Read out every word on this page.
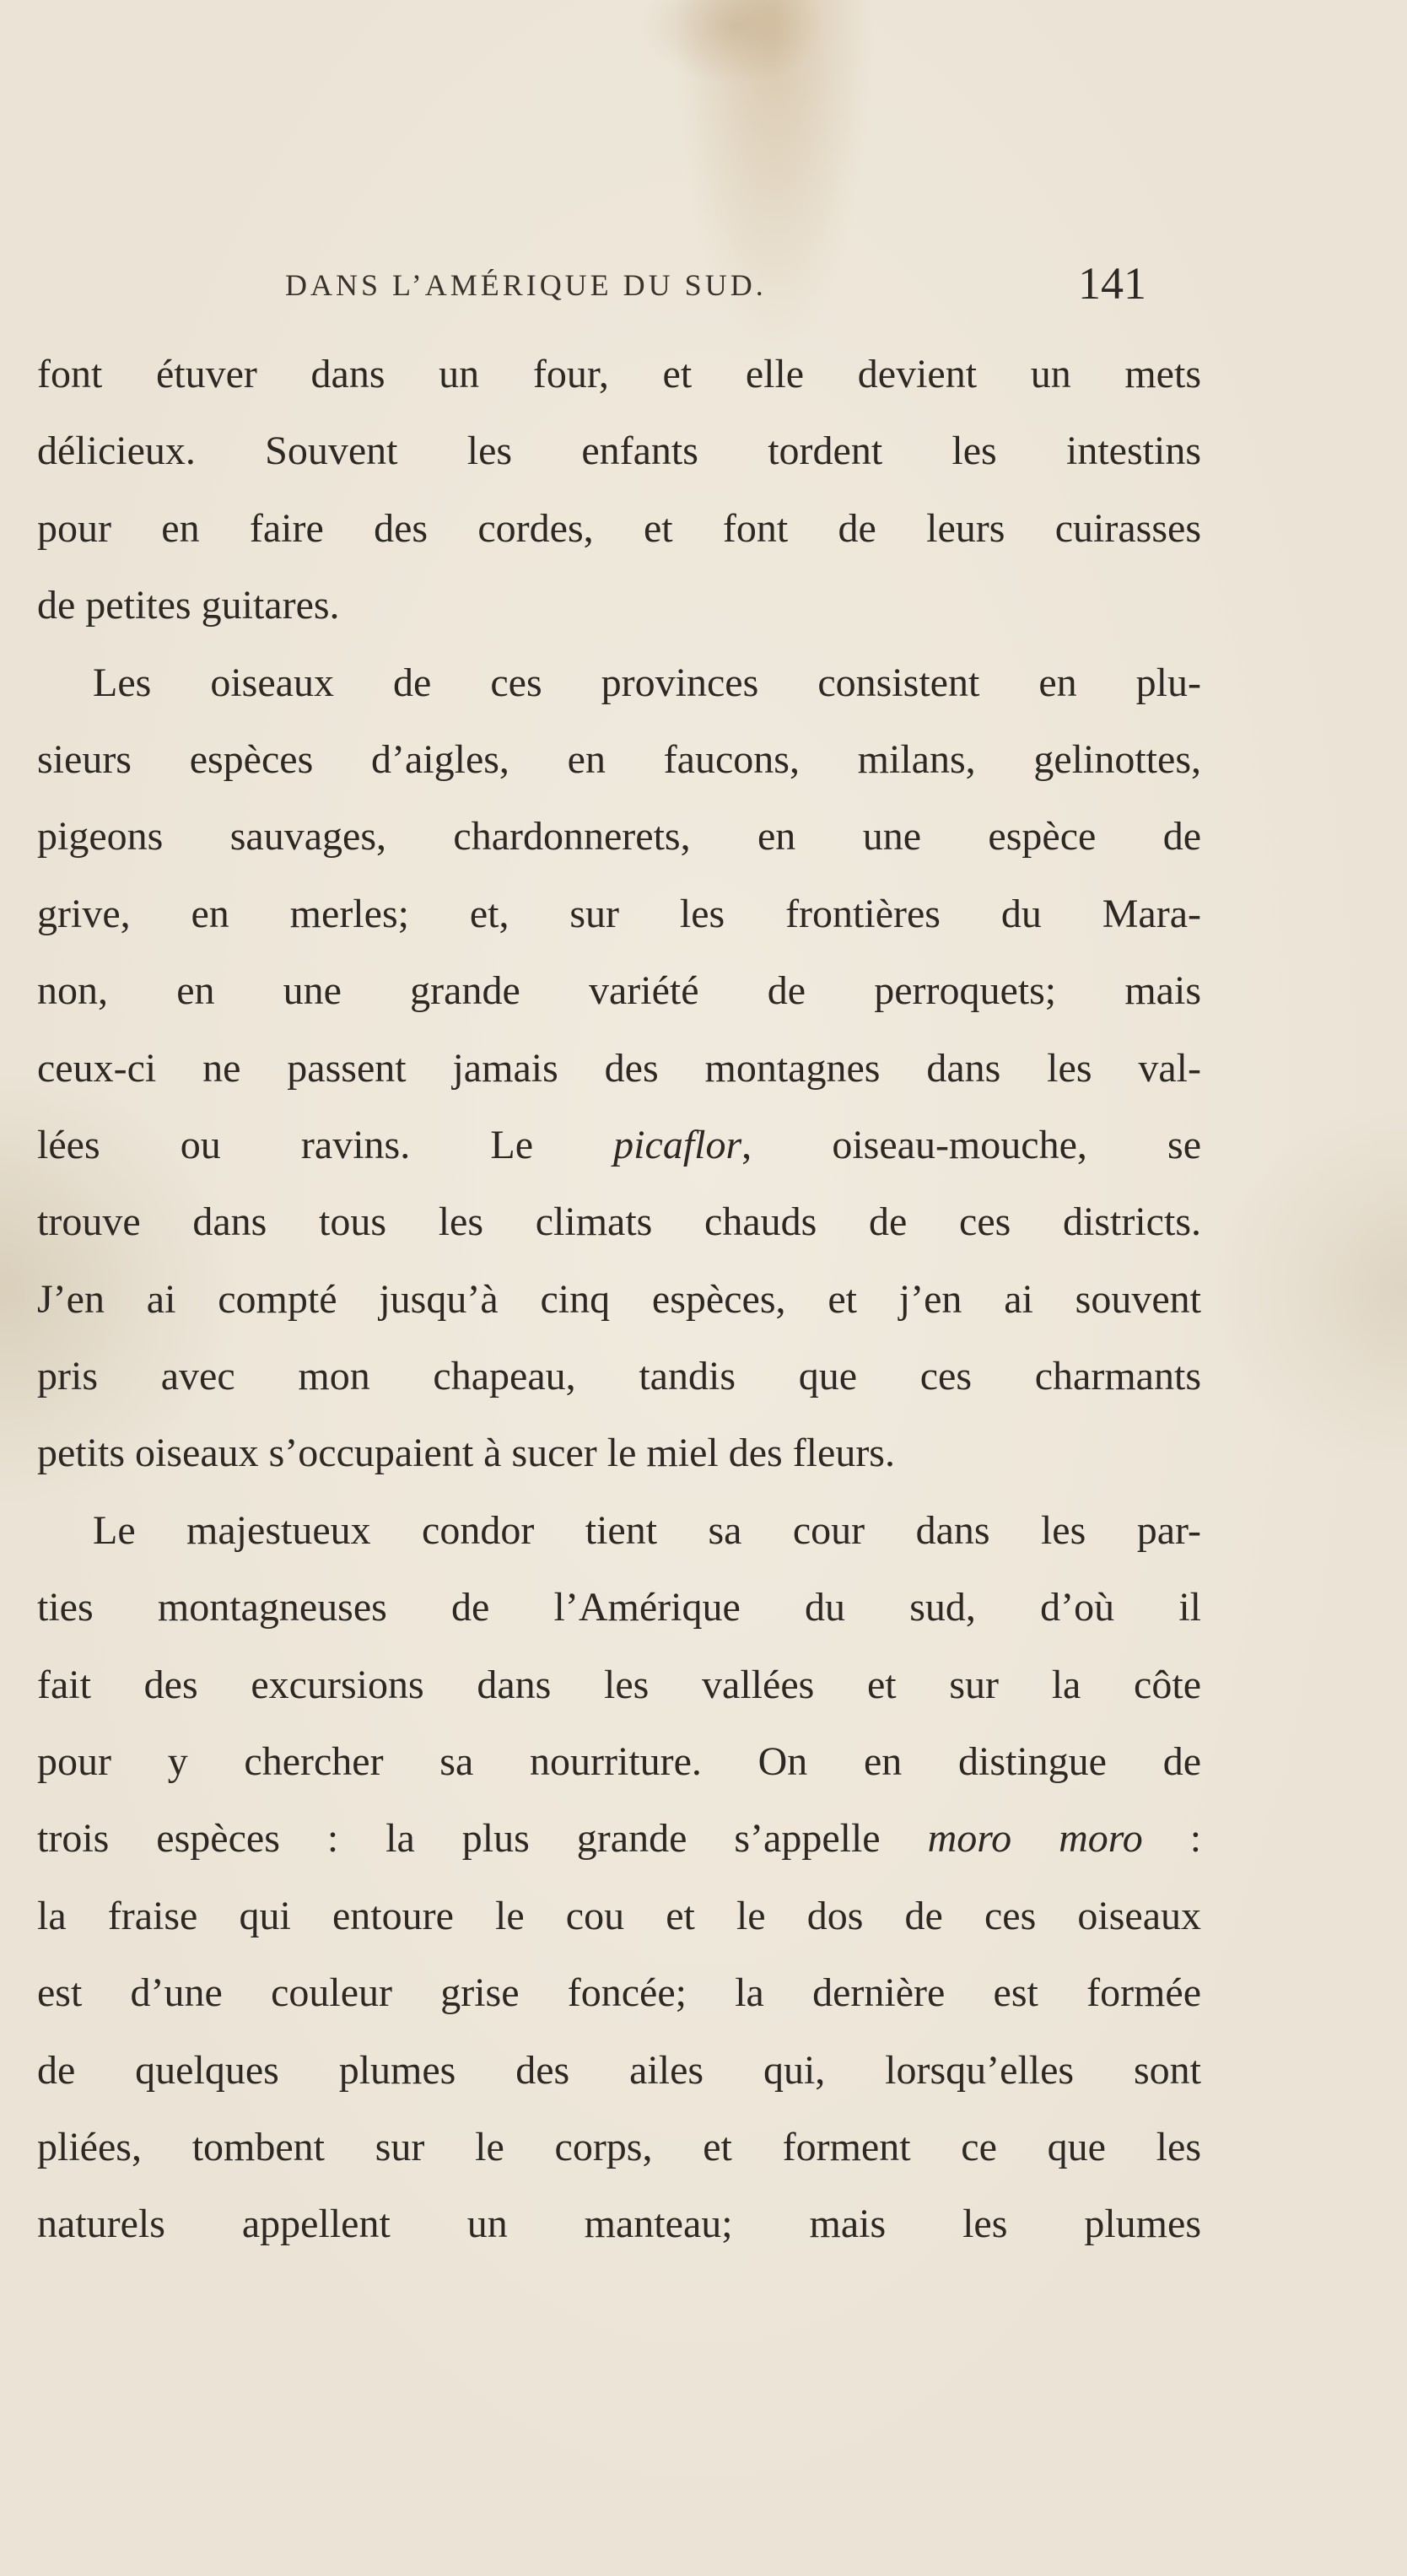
DANS L’AMÉRIQUE DU SUD.	141
font étuver dans un four, et elle devient un mets
délicieux. Souvent les enfants tordent les intestins
pour en faire des cordes, et font de leurs cuirasses
de petites guitares.
Les oiseaux de ces provinces consistent en plu-
sieurs espèces d’aigles, en faucons, milans, gelinottes,
pigeons sauvages, chardonnerets, en une espèce de
grive, en merles; et, sur les frontières du Mara-
non, en une grande variété de perroquets; mais
ceux-ci ne passent jamais des montagnes dans les val-
lées ou ravins. Le picaflor, oiseau-mouche, se
trouve dans tous les climats chauds de ces districts.
J’en ai compté jusqu’à cinq espèces, et j’en ai souvent
pris avec mon chapeau, tandis que ces charmants
petits oiseaux s’occupaient à sucer le miel des fleurs.
Le majestueux condor tient sa cour dans les par-
ties montagneuses de l’Amérique du sud, d’où il
fait des excursions dans les vallées et sur la côte
pour y chercher sa nourriture. On en distingue de
trois espèces : la plus grande s’appelle moro moro :
la fraise qui entoure le cou et le dos de ces oiseaux
est d’une couleur grise foncée; la dernière est formée
de quelques plumes des ailes qui, lorsqu’elles sont
pliées, tombent sur le corps, et forment ce que les
naturels appellent un manteau; mais les plumes
